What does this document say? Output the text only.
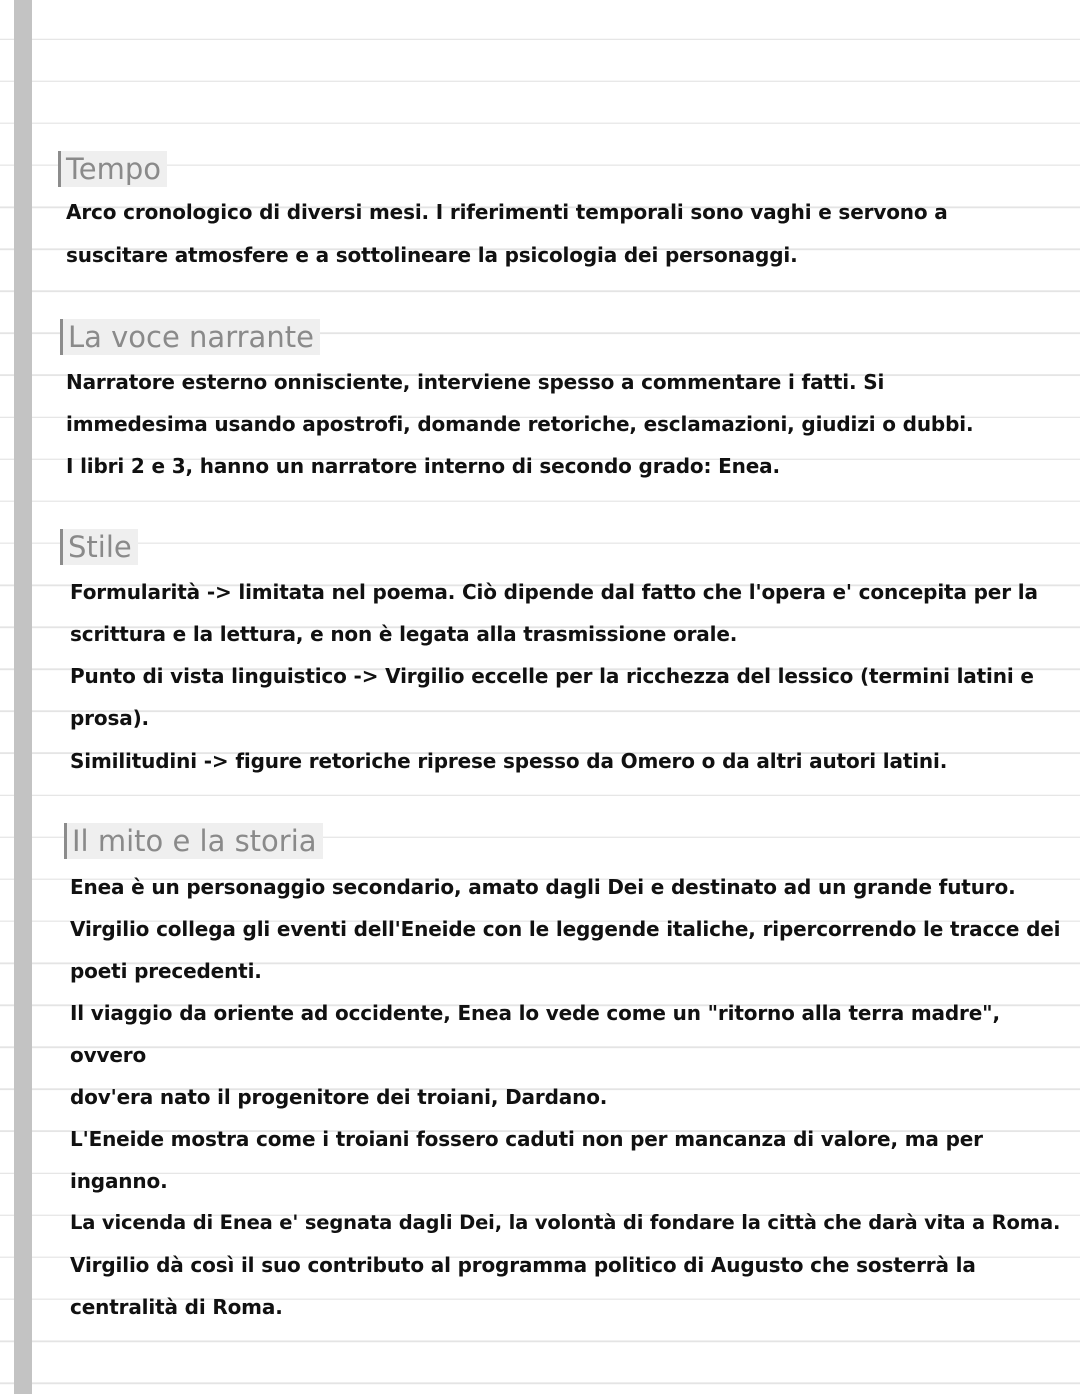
Tempo
Arco cronologico di diversi mesi. I riferimenti temporali sono vaghi e servono a
suscitare atmosfere e a sottolineare la psicologia dei personaggi.
La voce narrante
Narratore esterno onnisciente, interviene spesso a commentare i fatti. Si
immedesima usando apostrofi, domande retoriche, esclamazioni, giudizi o dubbi.
I libri 2 e 3, hanno un narratore interno di secondo grado: Enea.
Stile
Formularità -> limitata nel poema. Ciò dipende dal fatto che l'opera e' concepita per la
scrittura e la lettura, e non è legata alla trasmissione orale.
Punto di vista linguistico -> Virgilio eccelle per la ricchezza del lessico (termini latini e
prosa).
Similitudini -> figure retoriche riprese spesso da Omero o da altri autori latini.
Il mito e la storia
Enea è un personaggio secondario, amato dagli Dei e destinato ad un grande futuro.
Virgilio collega gli eventi dell'Eneide con le leggende italiche, ripercorrendo le tracce dei
poeti precedenti.
Il viaggio da oriente ad occidente, Enea lo vede come un "ritorno alla terra madre",
ovvero
dov'era nato il progenitore dei troiani, Dardano.
L'Eneide mostra come i troiani fossero caduti non per mancanza di valore, ma per
inganno.
La vicenda di Enea e' segnata dagli Dei, la volontà di fondare la città che darà vita a Roma.
Virgilio dà così il suo contributo al programma politico di Augusto che sosterrà la
centralità di Roma.
